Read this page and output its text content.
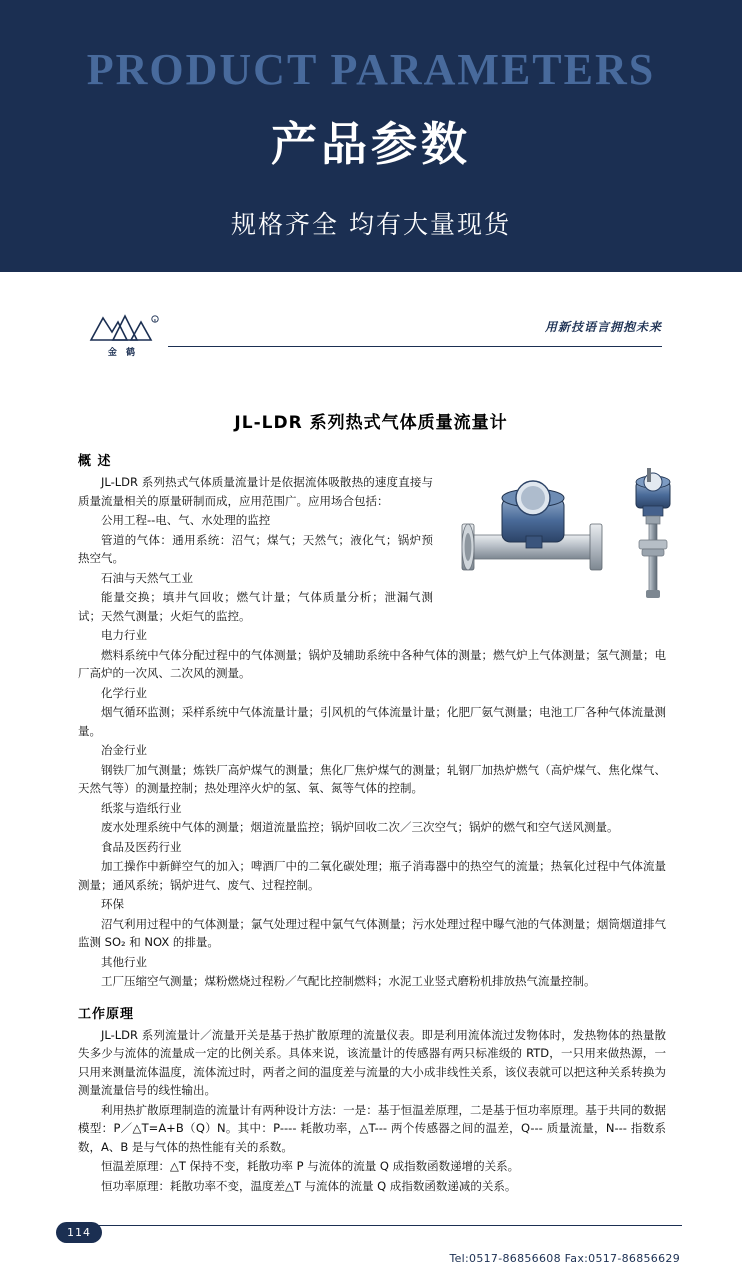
PRODUCT PARAMETERS
产品参数
规格齐全 均有大量现货
R
金 鹤
用新技语言拥抱未来
JL-LDR 系列热式气体质量流量计
概 述

JL-LDR 系列热式气体质量流量计是依据流体吸散热的速度直接与质量流量相关的原量研制而成，应用范围广。应用场合包括：

公用工程--电、气、水处理的监控

管道的气体：通用系统：沼气；煤气；天然气；液化气；锅炉预热空气。

石油与天然气工业

能量交换；填井气回收；燃气计量；气体质量分析；泄漏气测试；天然气测量；火炬气的监控。

电力行业

燃料系统中气体分配过程中的气体测量；锅炉及辅助系统中各种气体的测量；燃气炉上气体测量；氢气测量；电厂高炉的一次风、二次风的测量。

化学行业

烟气循环监测；采样系统中气体流量计量；引风机的气体流量计量；化肥厂氨气测量；电池工厂各种气体流量测量。

冶金行业

钢铁厂加气测量；炼铁厂高炉煤气的测量；焦化厂焦炉煤气的测量；轧钢厂加热炉燃气（高炉煤气、焦化煤气、天然气等）的测量控制；热处理淬火炉的氢、氧、氮等气体的控制。

纸浆与造纸行业

废水处理系统中气体的测量；烟道流量监控；锅炉回收二次／三次空气；锅炉的燃气和空气送风测量。

食品及医药行业

加工操作中新鲜空气的加入；啤酒厂中的二氧化碳处理；瓶子消毒器中的热空气的流量；热氧化过程中气体流量测量；通风系统；锅炉进气、废气、过程控制。

环保

沼气利用过程中的气体测量；氯气处理过程中氯气气体测量；污水处理过程中曝气池的气体测量；烟筒烟道排气监测 SO₂ 和 NOX 的排量。

其他行业

工厂压缩空气测量；煤粉燃烧过程粉／气配比控制燃料；水泥工业竖式磨粉机排放热气流量控制。

工作原理

JL-LDR 系列流量计／流量开关是基于热扩散原理的流量仪表。即是利用流体流过发物体时，发热物体的热量散失多少与流体的流量成一定的比例关系。具体来说，该流量计的传感器有两只标准级的 RTD，一只用来做热源，一只用来测量流体温度，流体流过时，两者之间的温度差与流量的大小成非线性关系，该仪表就可以把这种关系转换为测量流量信号的线性输出。

利用热扩散原理制造的流量计有两种设计方法：一是：基于恒温差原理，二是基于恒功率原理。基于共同的数据模型：P／△T=A+B（Q）N。其中：P---- 耗散功率，△T--- 两个传感器之间的温差，Q--- 质量流量，N--- 指数系数，A、B 是与气体的热性能有关的系数。

恒温差原理：△T 保持不变，耗散功率 P 与流体的流量 Q 成指数函数递增的关系。

恒功率原理：耗散功率不变，温度差△T 与流体的流量 Q 成指数函数递减的关系。

114
Tel:0517-86856608 Fax:0517-86856629
